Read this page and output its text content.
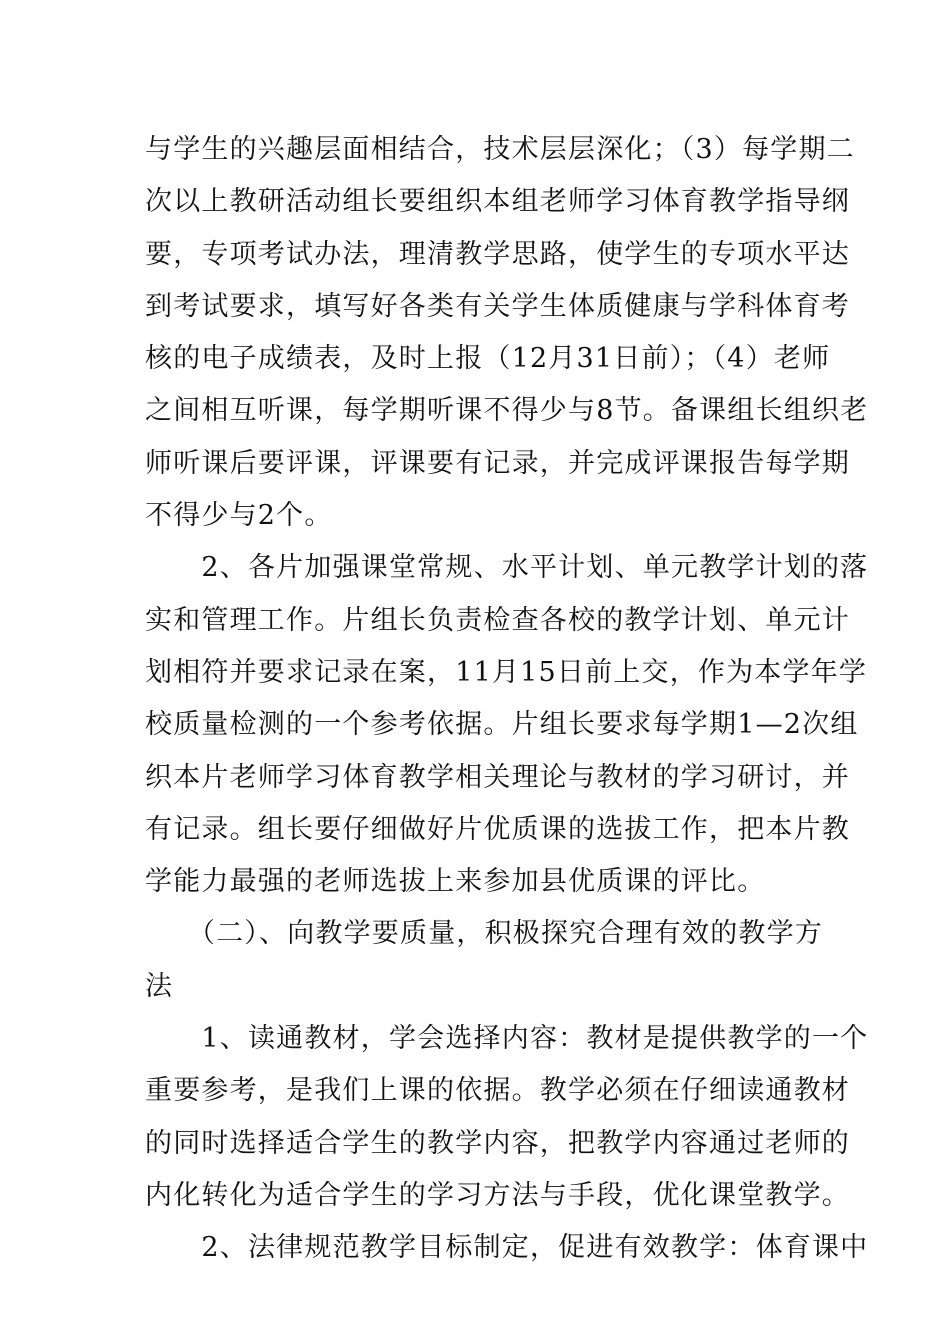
与学生的兴趣层面相结合，技术层层深化；（3）每学期二
次以上教研活动组长要组织本组老师学习体育教学指导纲
要，专项考试办法，理清教学思路，使学生的专项水平达
到考试要求，填写好各类有关学生体质健康与学科体育考
核的电子成绩表，及时上报（12月31日前）；（4）老师
之间相互听课，每学期听课不得少与8节。备课组长组织老
师听课后要评课，评课要有记录，并完成评课报告每学期
不得少与2个。
　　2、各片加强课堂常规、水平计划、单元教学计划的落
实和管理工作。片组长负责检查各校的教学计划、单元计
划相符并要求记录在案，11月15日前上交，作为本学年学
校质量检测的一个参考依据。片组长要求每学期1—2次组
织本片老师学习体育教学相关理论与教材的学习研讨，并
有记录。组长要仔细做好片优质课的选拔工作，把本片教
学能力最强的老师选拔上来参加县优质课的评比。
　　（二）、向教学要质量，积极探究合理有效的教学方
法
　　1、读通教材，学会选择内容：教材是提供教学的一个
重要参考，是我们上课的依据。教学必须在仔细读通教材
的同时选择适合学生的教学内容，把教学内容通过老师的
内化转化为适合学生的学习方法与手段，优化课堂教学。
　　2、法律规范教学目标制定，促进有效教学：体育课中
